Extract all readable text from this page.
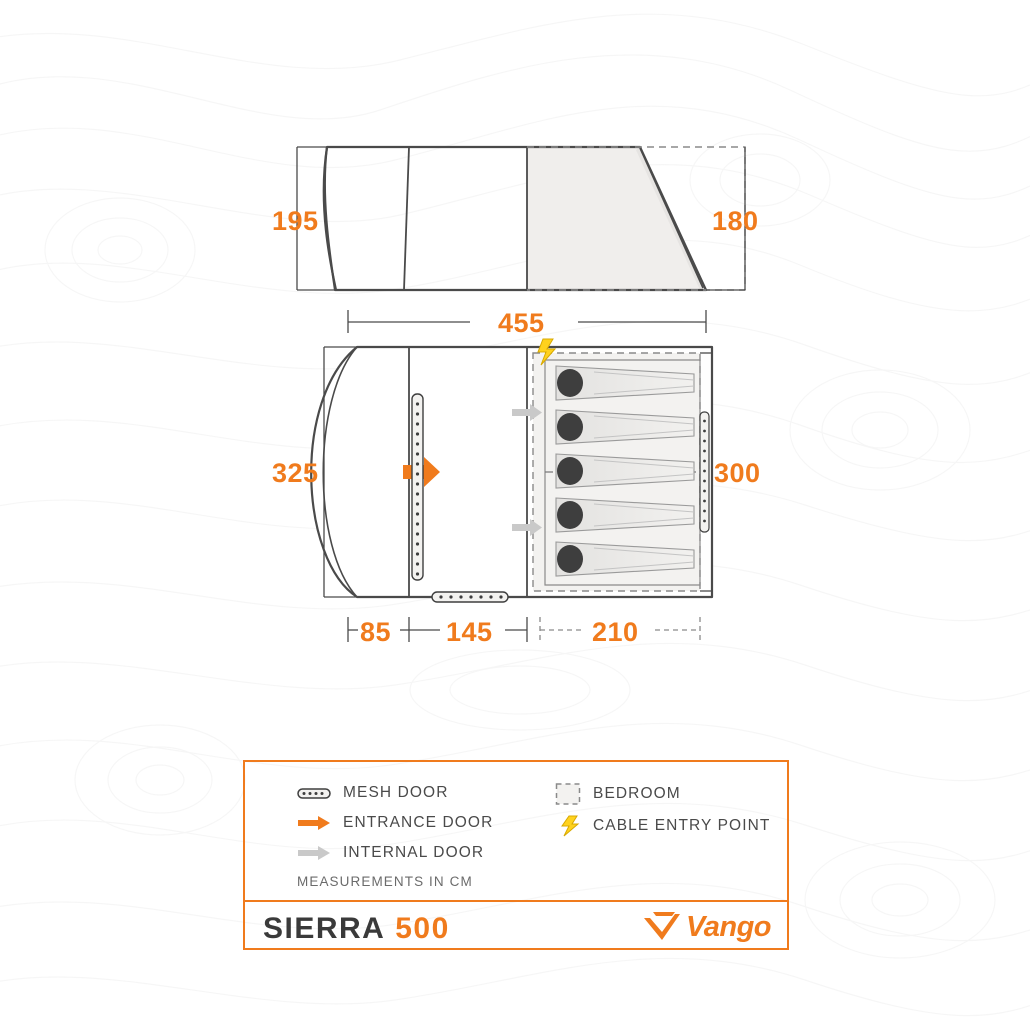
195	180
455
325	300
85 145	210
MESH DOOR
ENTRANCE DOOR
INTERNAL DOOR
BEDROOM
CABLE ENTRY POINT
MEASUREMENTS IN CM
SIERRA 500	Vango
